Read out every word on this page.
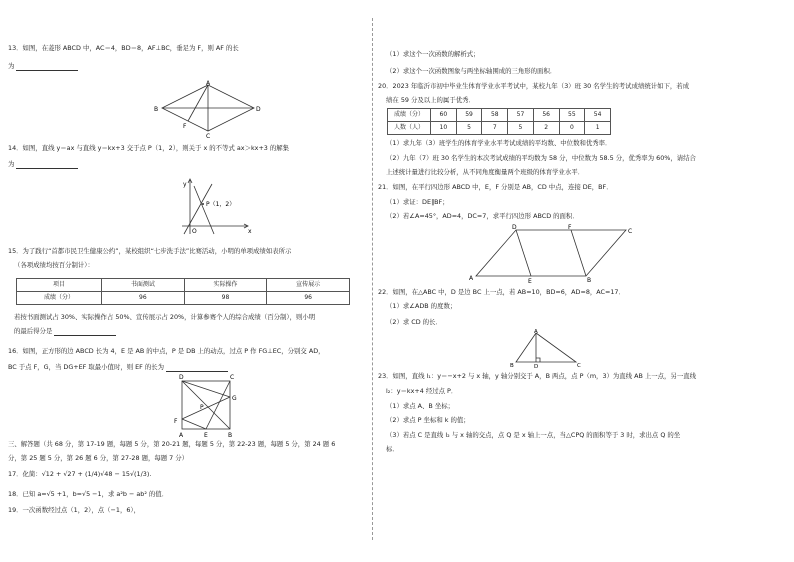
13．如图，在菱形 ABCD 中，AC＝4，BD＝8，AF⊥BC，垂足为 F，则 AF 的长
为
A
B
C
D
F
14．如图，直线 y＝ax 与直线 y＝kx+3 交于点 P（1，2），则关于 x 的不等式 ax＞kx+3 的解集
为
y
x
O
P（1，2）
15．为了践行“首都市民卫生健康公约”，某校组织“七步洗手法”比赛活动，小明的单项成绩如表所示
（各项成绩均按百分制计）：
项目	书面测试	实际操作	宣传展示
成绩（分）	96	98	96
若按书面测试占 30%、实际操作占 50%、宣传展示占 20%，计算参赛个人的综合成绩（百分制），则小明
的最后得分是
16．如图，正方形的边 ABCD 长为 4，E 是 AB 的中点，P 是 DB 上的动点，过点 P 作 FG⊥EC，分别交 AD，
BC 于点 F，G，当 DG+EF 取最小值时，则 EF 的长为
D	C
G
P
F
A	E	B
三、解答题（共 68 分，第 17-19 题，每题 5 分，第 20-21 题，每题 5 分，第 22-23 题，每题 5 分，第 24 题 6
分，第 25 题 5 分，第 26 题 6 分，第 27-28 题，每题 7 分）
17．化简：√12 + √27 + (1/4)√48 − 15√(1/3).
18．已知 a=√5 +1，b=√5 −1，求 a²b − ab² 的值．
19．一次函数经过点（1，2），点（−1，6），
（1）求这个一次函数的解析式；
（2）求这个一次函数图象与两坐标轴围成的三角形的面积．
20．2023 年临沂市初中毕业生体育学业水平考试中，某校九年（3）班 30 名学生的考试成绩统计如下，若成
绩在 59 分及以上的属于优秀．
成绩（分）	60	59	58	57	56	55	54
人数（人）	10	5	7	5	2	0	1
（1）求九年（3）班学生的体育学业水平考试成绩的平均数、中位数和优秀率．
（2）九年（7）班 30 名学生的本次考试成绩的平均数为 58 分，中位数为 58.5 分，优秀率为 60%，请结合
上述统计量进行比较分析，从不同角度衡量两个班级的体育学业水平．
21．如图，在平行四边形 ABCD 中，E，F 分别是 AB，CD 中点，连接 DE，BF．
（1）求证：DE∥BF；
（2）若∠A=45°，AD=4，DC=7，求平行四边形 ABCD 的面积．
D	F
C
A	E	B
22．如图，在△ABC 中，D 是边 BC 上一点，若 AB=10，BD=6，AD=8，AC=17．
（1）求∠ADB 的度数；
（2）求 CD 的长．
A
B	D	C
23．如图，直线 l₁：y＝−x+2 与 x 轴，y 轴分别交于 A，B 两点，点 P（m，3）为直线 AB 上一点，另一直线
l₂：y＝kx+4 经过点 P．
（1）求点 A、B 坐标；
（2）求点 P 坐标和 k 的值；
（3）若点 C 是直线 l₂ 与 x 轴的交点，点 Q 是 x 轴上一点，当△CPQ 的面积等于 3 时，求出点 Q 的坐
标．
